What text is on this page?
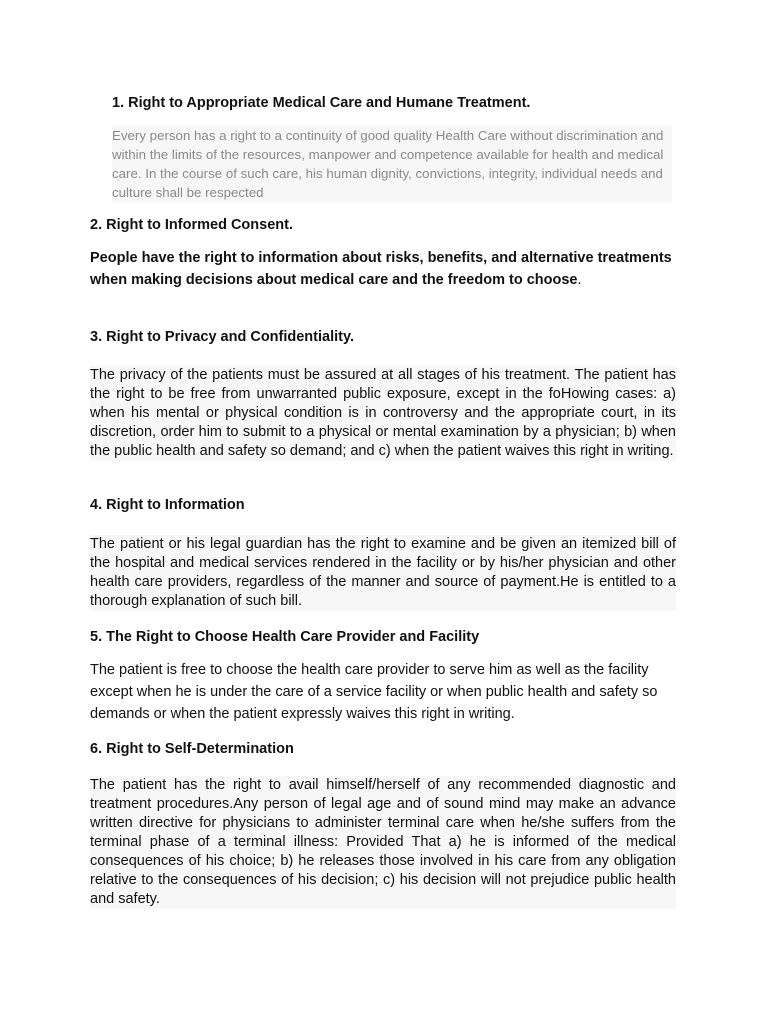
1. Right to Appropriate Medical Care and Humane Treatment.
Every person has a right to a continuity of good quality Health Care without discrimination and within the limits of the resources, manpower and competence available for health and medical care. In the course of such care, his human dignity, convictions, integrity, individual needs and culture shall be respected
2. Right to Informed Consent.
People have the right to information about risks, benefits, and alternative treatments when making decisions about medical care and the freedom to choose.
3. Right to Privacy and Confidentiality.
The privacy of the patients must be assured at all stages of his treatment. The patient has the right to be free from unwarranted public exposure, except in the foHowing cases: a) when his mental or physical condition is in controversy and the appropriate court, in its discretion, order him to submit to a physical or mental examination by a physician; b) when the public health and safety so demand; and c) when the patient waives this right in writing.
4. Right to Information
The patient or his legal guardian has the right to examine and be given an itemized bill of the hospital and medical services rendered in the facility or by his/her physician and other health care providers, regardless of the manner and source of payment.He is entitled to a thorough explanation of such bill.
5. The Right to Choose Health Care Provider and Facility
The patient is free to choose the health care provider to serve him as well as the facility except when he is under the care of a service facility or when public health and safety so demands or when the patient expressly waives this right in writing.
6. Right to Self-Determination
The patient has the right to avail himself/herself of any recommended diagnostic and treatment procedures.Any person of legal age and of sound mind may make an advance written directive for physicians to administer terminal care when he/she suffers from the terminal phase of a terminal illness: Provided That a) he is informed of the medical consequences of his choice; b) he releases those involved in his care from any obligation relative to the consequences of his decision; c) his decision will not prejudice public health and safety.
